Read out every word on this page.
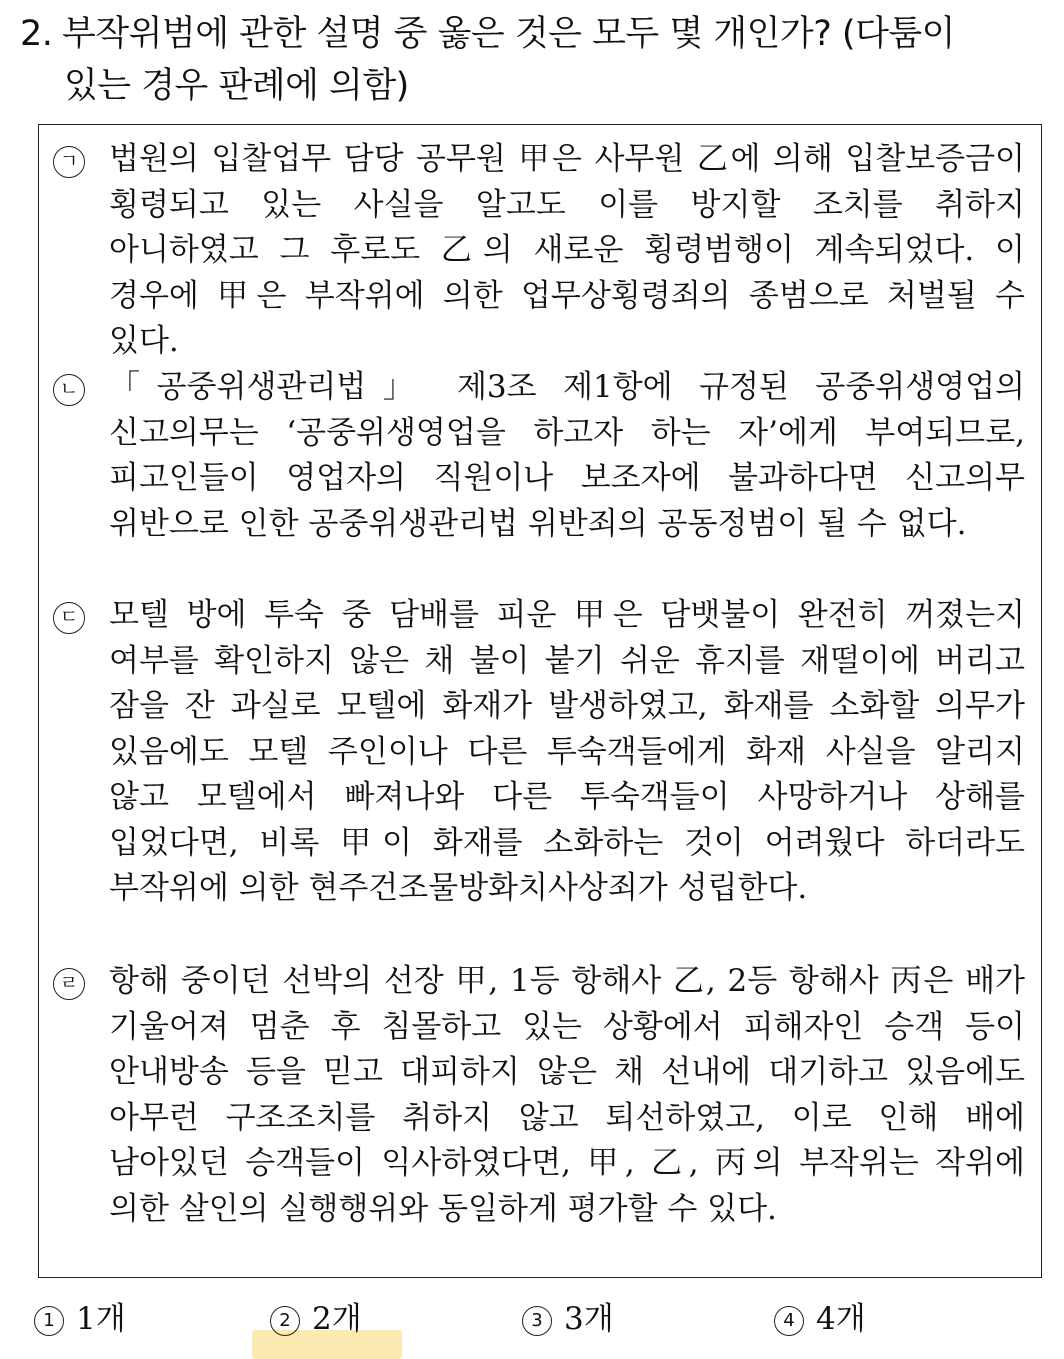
2. 부작위범에 관한 설명 중 옳은 것은 모두 몇 개인가? (다툼이
있는 경우 판례에 의함)
ㄱ 법원의 입찰업무 담당 공무원 甲은 사무원 乙에 의해 입찰보증금이 횡령되고 있는 사실을 알고도 이를 방지할 조치를 취하지 아니하였고 그 후로도 乙의 새로운 횡령범행이 계속되었다. 이 경우에 甲은 부작위에 의한 업무상횡령죄의 종범으로 처벌될 수 있다.
ㄴ 「공중위생관리법」 제3조 제1항에 규정된 공중위생영업의 신고의무는 ‘공중위생영업을 하고자 하는 자’에게 부여되므로, 피고인들이 영업자의 직원이나 보조자에 불과하다면 신고의무 위반으로 인한 공중위생관리법 위반죄의 공동정범이 될 수 없다.
ㄷ 모텔 방에 투숙 중 담배를 피운 甲은 담뱃불이 완전히 꺼졌는지 여부를 확인하지 않은 채 불이 붙기 쉬운 휴지를 재떨이에 버리고 잠을 잔 과실로 모텔에 화재가 발생하였고, 화재를 소화할 의무가 있음에도 모텔 주인이나 다른 투숙객들에게 화재 사실을 알리지 않고 모텔에서 빠져나와 다른 투숙객들이 사망하거나 상해를 입었다면, 비록 甲이 화재를 소화하는 것이 어려웠다 하더라도 부작위에 의한 현주건조물방화치사상죄가 성립한다.
ㄹ 항해 중이던 선박의 선장 甲, 1등 항해사 乙, 2등 항해사 丙은 배가 기울어져 멈춘 후 침몰하고 있는 상황에서 피해자인 승객 등이 안내방송 등을 믿고 대피하지 않은 채 선내에 대기하고 있음에도 아무런 구조조치를 취하지 않고 퇴선하였고, 이로 인해 배에 남아있던 승객들이 익사하였다면, 甲, 乙, 丙의 부작위는 작위에 의한 살인의 실행행위와 동일하게 평가할 수 있다.
1 1개	2 2개	3 3개	4 4개
